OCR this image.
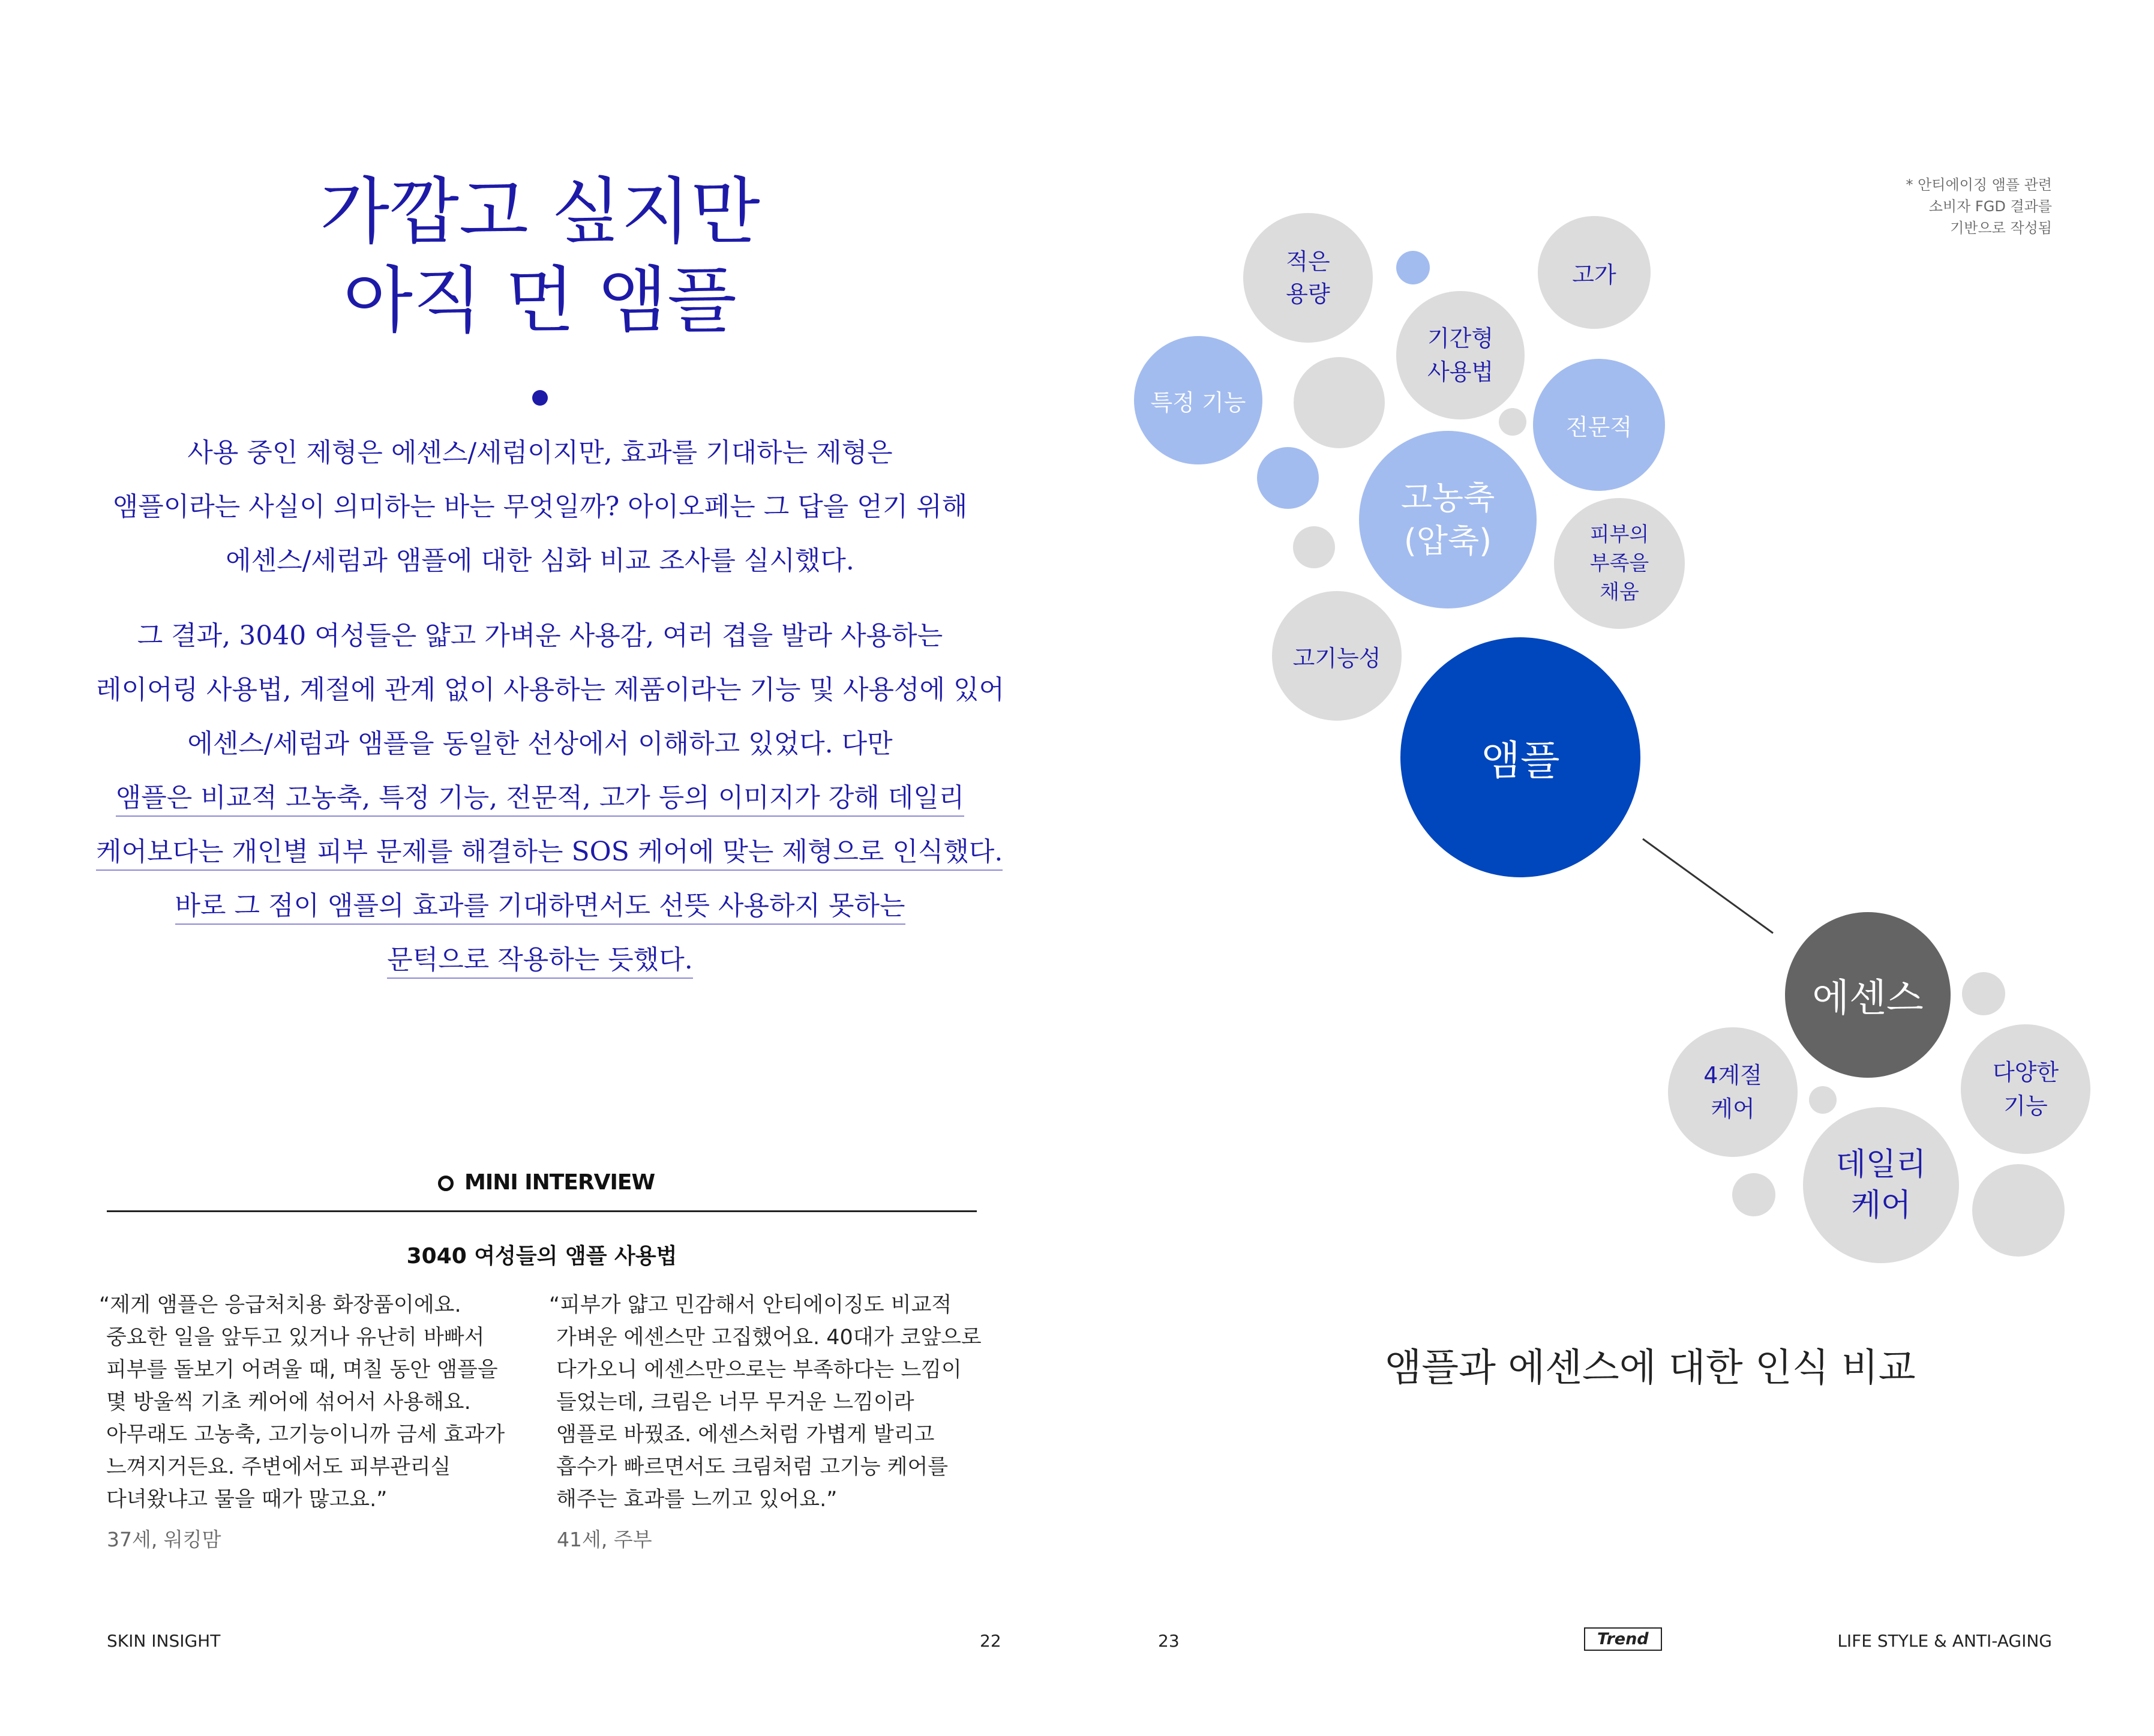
가깝고 싶지만
아직 먼 앰플
사용 중인 제형은 에센스/세럼이지만, 효과를 기대하는 제형은
앰플이라는 사실이 의미하는 바는 무엇일까? 아이오페는 그 답을 얻기 위해
에센스/세럼과 앰플에 대한 심화 비교 조사를 실시했다.
그 결과, 3040 여성들은 얇고 가벼운 사용감, 여러 겹을 발라 사용하는
레이어링 사용법, 계절에 관계 없이 사용하는 제품이라는 기능 및 사용성에 있어
에센스/세럼과 앰플을 동일한 선상에서 이해하고 있었다. 다만
앰플은 비교적 고농축, 특정 기능, 전문적, 고가 등의 이미지가 강해 데일리
케어보다는 개인별 피부 문제를 해결하는 SOS 케어에 맞는 제형으로 인식했다.
바로 그 점이 앰플의 효과를 기대하면서도 선뜻 사용하지 못하는
문턱으로 작용하는 듯했다.
MINI INTERVIEW
3040 여성들의 앰플 사용법
“제게 앰플은 응급처치용 화장품이에요.
중요한 일을 앞두고 있거나 유난히 바빠서
피부를 돌보기 어려울 때, 며칠 동안 앰플을
몇 방울씩 기초 케어에 섞어서 사용해요.
아무래도 고농축, 고기능이니까 금세 효과가
느껴지거든요. 주변에서도 피부관리실
다녀왔냐고 물을 때가 많고요.”
37세, 워킹맘
“피부가 얇고 민감해서 안티에이징도 비교적
가벼운 에센스만 고집했어요. 40대가 코앞으로
다가오니 에센스만으로는 부족하다는 느낌이
들었는데, 크림은 너무 무거운 느낌이라
앰플로 바꿨죠. 에센스처럼 가볍게 발리고
흡수가 빠르면서도 크림처럼 고기능 케어를
해주는 효과를 느끼고 있어요.”
41세, 주부
* 안티에이징 앰플 관련
소비자 FGD 결과를
기반으로 작성됨
적은
용량
고가
기간형
사용법
특정 기능
전문적
고농축
(압축)	피부의
부족을
채움
고기능성
앰플
에센스
4계절
케어
다양한
기능
데일리
케어
앰플과 에센스에 대한 인식 비교
SKIN INSIGHT	22	23	Trend	LIFE STYLE & ANTI-AGING
